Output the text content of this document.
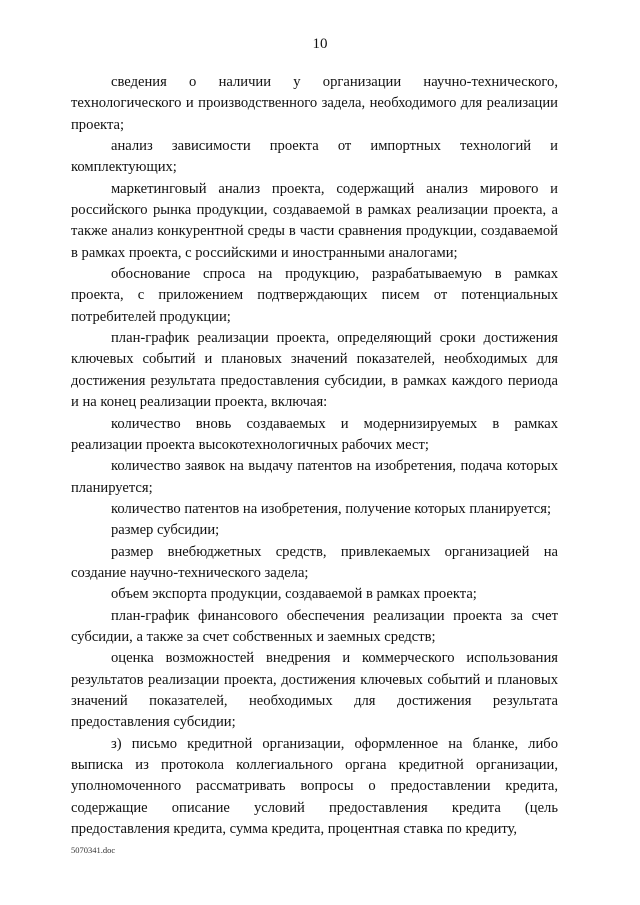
10

сведения о наличии у организации научно-технического, технологического и производственного задела, необходимого для реализации проекта;

анализ зависимости проекта от импортных технологий и комплектующих;

маркетинговый анализ проекта, содержащий анализ мирового и российского рынка продукции, создаваемой в рамках реализации проекта, а также анализ конкурентной среды в части сравнения продукции, создаваемой в рамках проекта, с российскими и иностранными аналогами;

обоснование спроса на продукцию, разрабатываемую в рамках проекта, с приложением подтверждающих писем от потенциальных потребителей продукции;

план-график реализации проекта, определяющий сроки достижения ключевых событий и плановых значений показателей, необходимых для достижения результата предоставления субсидии, в рамках каждого периода и на конец реализации проекта, включая:

количество вновь создаваемых и модернизируемых в рамках реализации проекта высокотехнологичных рабочих мест;

количество заявок на выдачу патентов на изобретения, подача которых планируется;

количество патентов на изобретения, получение которых планируется;

размер субсидии;

размер внебюджетных средств, привлекаемых организацией на создание научно-технического задела;

объем экспорта продукции, создаваемой в рамках проекта;

план-график финансового обеспечения реализации проекта за счет субсидии, а также за счет собственных и заемных средств;

оценка возможностей внедрения и коммерческого использования результатов реализации проекта, достижения ключевых событий и плановых значений показателей, необходимых для достижения результата предоставления субсидии;

з) письмо кредитной организации, оформленное на бланке, либо выписка из протокола коллегиального органа кредитной организации, уполномоченного рассматривать вопросы о предоставлении кредита, содержащие описание условий предоставления кредита (цель предоставления кредита, сумма кредита, процентная ставка по кредиту,

5070341.doc
